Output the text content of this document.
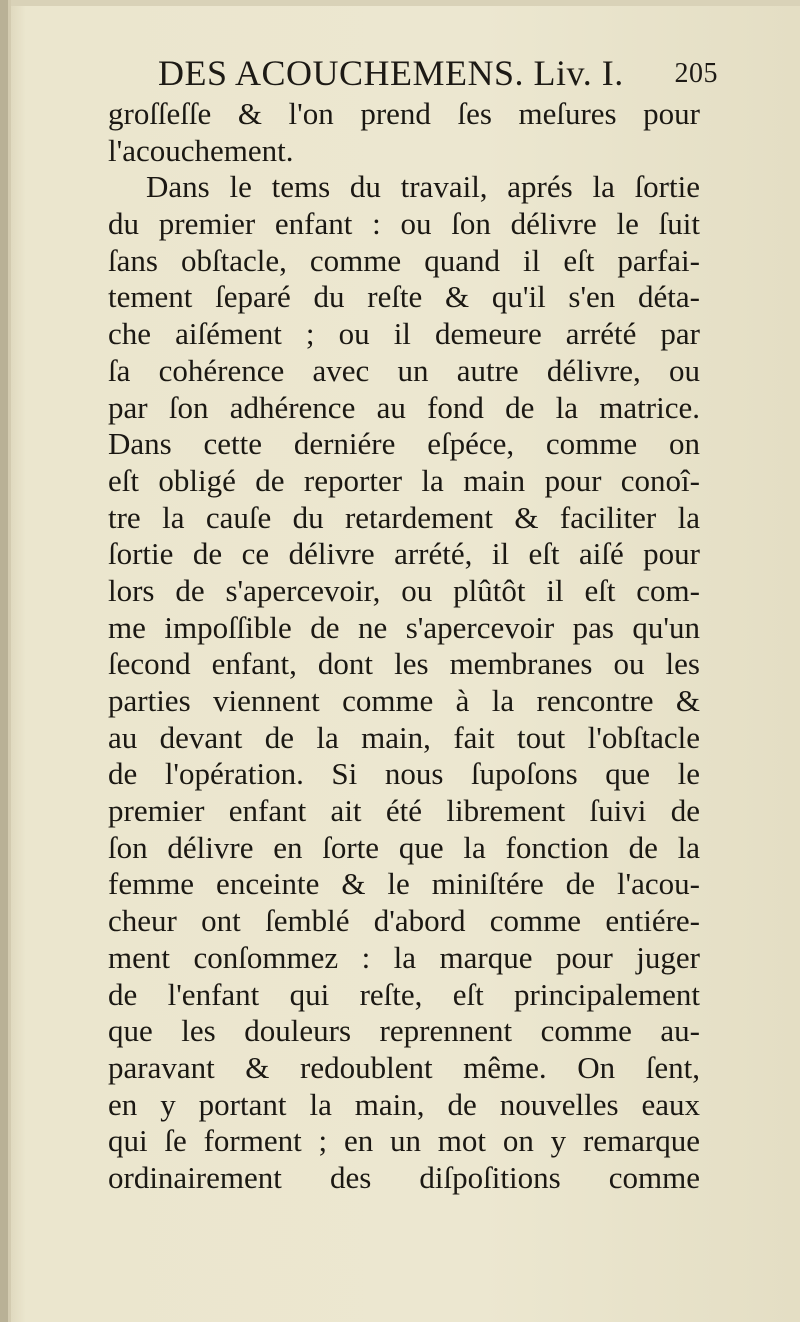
DES ACOUCHEMENS. Liv. I. 205
groſſeſſe & l'on prend ſes meſures pour
l'acouchement.
Dans le tems du travail, aprés la ſortie
du premier enfant : ou ſon délivre le ſuit
ſans obſtacle, comme quand il eſt parfai-
tement ſeparé du reſte & qu'il s'en déta-
che aiſément ; ou il demeure arrété par
ſa cohérence avec un autre délivre, ou
par ſon adhérence au fond de la matrice.
Dans cette derniére eſpéce, comme on
eſt obligé de reporter la main pour conoî-
tre la cauſe du retardement & faciliter la
ſortie de ce délivre arrété, il eſt aiſé pour
lors de s'apercevoir, ou plûtôt il eſt com-
me impoſſible de ne s'apercevoir pas qu'un
ſecond enfant, dont les membranes ou les
parties viennent comme à la rencontre &
au devant de la main, fait tout l'obſtacle
de l'opération. Si nous ſupoſons que le
premier enfant ait été librement ſuivi de
ſon délivre en ſorte que la fonction de la
femme enceinte & le miniſtére de l'acou-
cheur ont ſemblé d'abord comme entiére-
ment conſommez : la marque pour juger
de l'enfant qui reſte, eſt principalement
que les douleurs reprennent comme au-
paravant & redoublent même. On ſent,
en y portant la main, de nouvelles eaux
qui ſe forment ; en un mot on y remarque
ordinairement des diſpoſitions comme
